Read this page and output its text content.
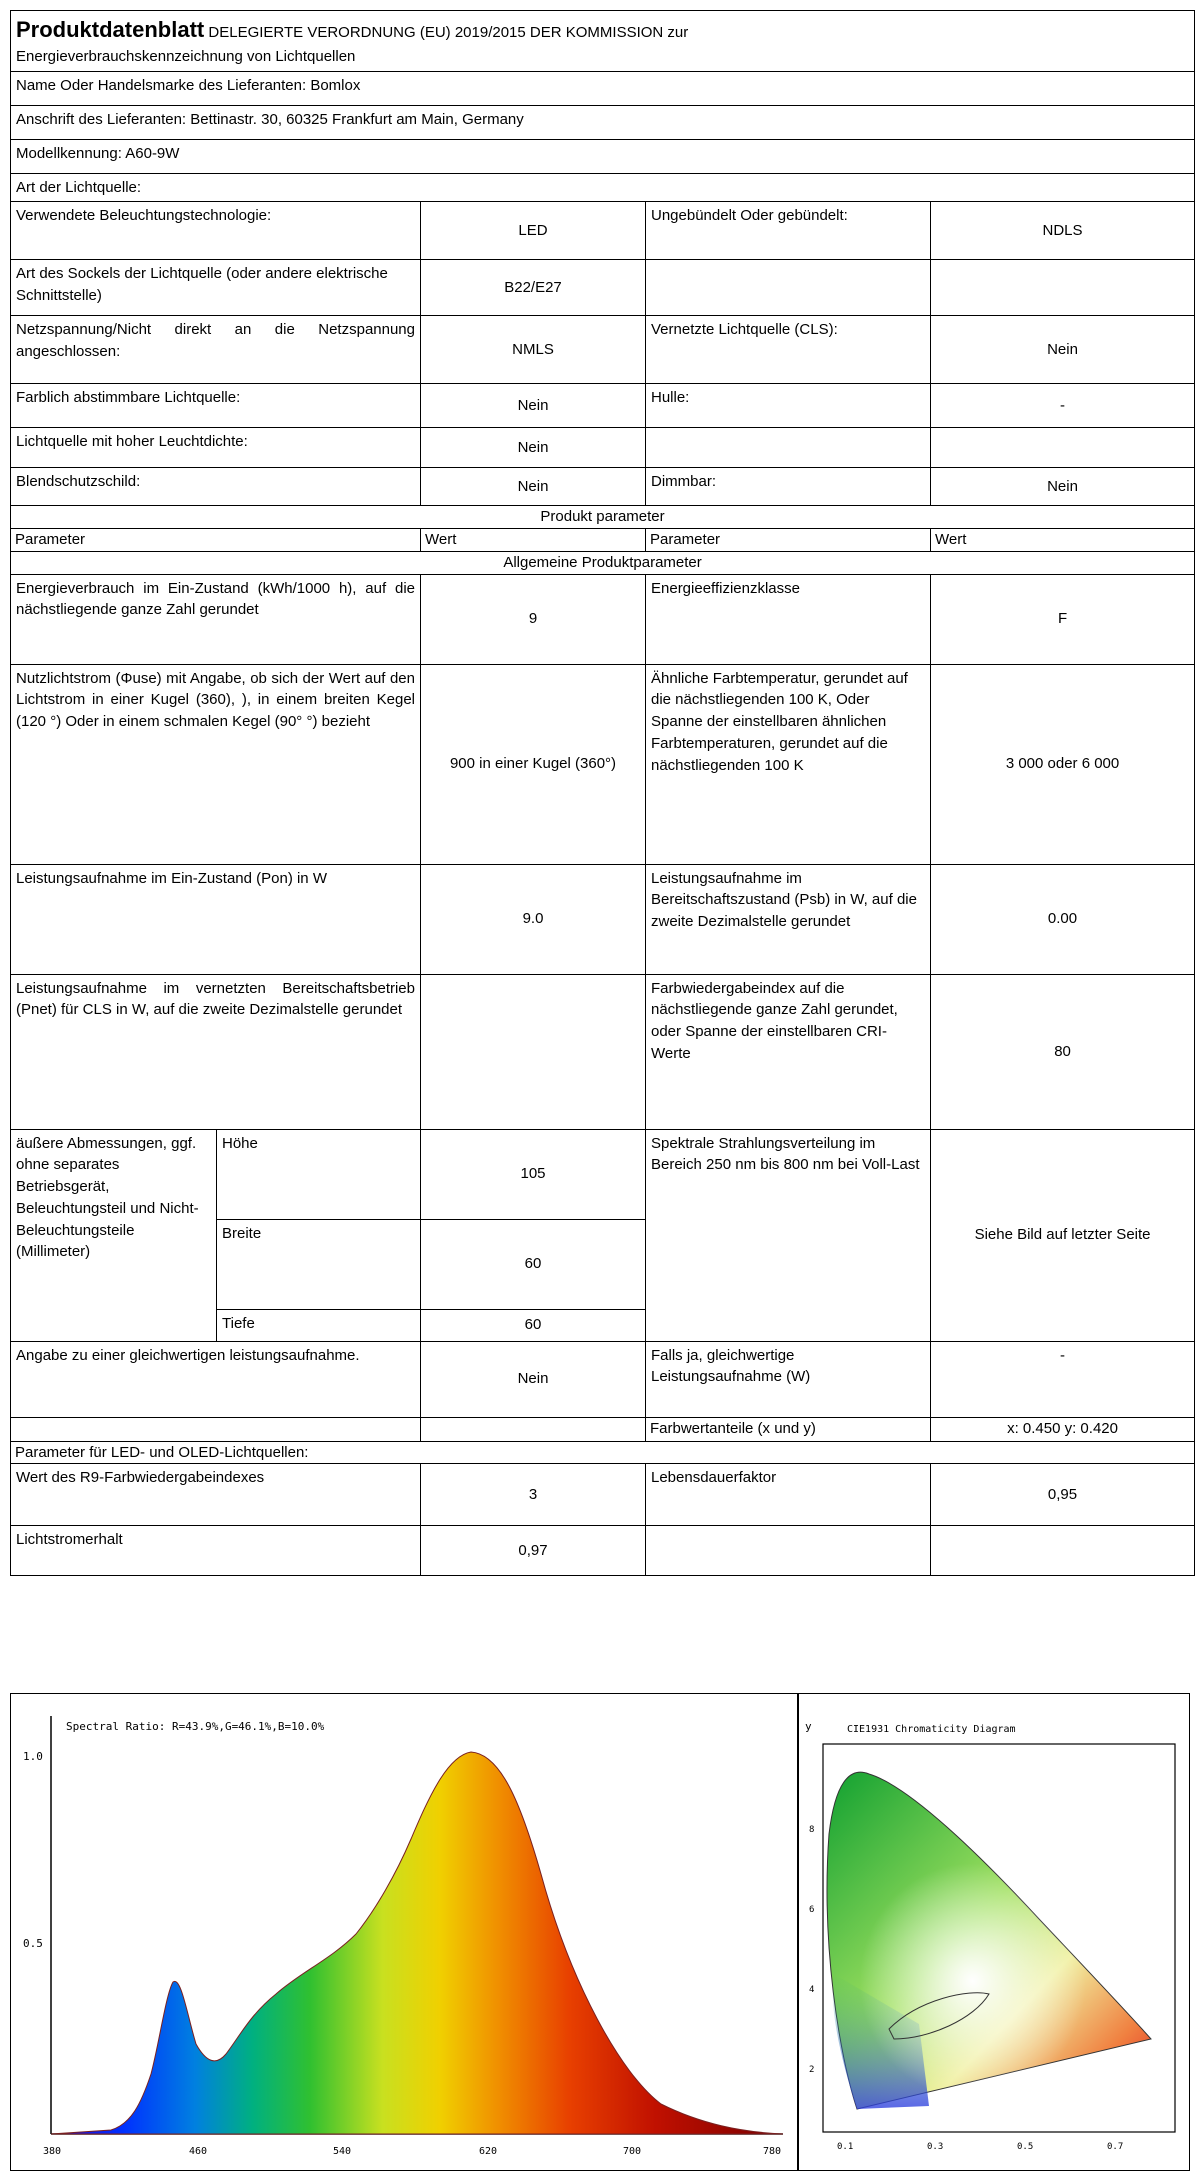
Produktdatenblatt DELEGIERTE VERORDNUNG (EU) 2019/2015 DER KOMMISSION zur
Energieverbrauchskennzeichnung von Lichtquellen				
Name Oder Handelsmarke des Lieferanten: Bomlox				
Anschrift des Lieferanten: Bettinastr. 30, 60325 Frankfurt am Main, Germany				
Modellkennung: A60-9W				
Art der Lichtquelle:				
Verwendete Beleuchtungstechnologie:		LED	Ungebündelt Oder gebündelt:	NDLS
Art des Sockels der Lichtquelle (oder andere elektrische Schnittstelle)		B22/E27		
Netzspannung/Nicht direkt an die Netzspannung angeschlossen:		NMLS	Vernetzte Lichtquelle (CLS):	Nein
Farblich abstimmbare Lichtquelle:		Nein	Hulle:	-
Lichtquelle mit hoher Leuchtdichte:		Nein		
Blendschutzschild:		Nein	Dimmbar:	Nein
Produkt parameter				
Parameter		Wert	Parameter	Wert
Allgemeine Produktparameter				
Energieverbrauch im Ein-Zustand (kWh/1000 h), auf die nächstliegende ganze Zahl gerundet		9	Energieeffizienzklasse	F
Nutzlichtstrom (Φuse) mit Angabe, ob sich der Wert auf den Lichtstrom in einer Kugel (360), ), in einem breiten Kegel (120 °) Oder in einem schmalen Kegel (90° °) bezieht		900 in einer Kugel (360°)	Ähnliche Farbtemperatur, gerundet auf die nächstliegenden 100 K, Oder Spanne der einstellbaren ähnlichen Farbtemperaturen, gerundet auf die nächstliegenden 100 K	3 000 oder 6 000
Leistungsaufnahme im Ein-Zustand (Pon) in W		9.0	Leistungsaufnahme im Bereitschaftszustand (Psb) in W, auf die zweite Dezimalstelle gerundet	0.00
Leistungsaufnahme im vernetzten Bereitschaftsbetrieb (Pnet) für CLS in W, auf die zweite Dezimalstelle gerundet			Farbwiedergabeindex auf die nächstliegende ganze Zahl gerundet, oder Spanne der einstellbaren CRI-Werte	80
äußere Abmessungen, ggf. ohne separates Betriebsgerät, Beleuchtungsteil und Nicht-Beleuchtungsteile (Millimeter)	Höhe	105	Spektrale Strahlungsverteilung im Bereich 250 nm bis 800 nm bei Voll-Last	Siehe Bild auf letzter Seite
	Breite	60		
	Tiefe	60		
Angabe zu einer gleichwertigen leistungsaufnahme.		Nein	Falls ja, gleichwertige Leistungsaufnahme (W)	-
			Farbwertanteile (x und y)	x: 0.450 y: 0.420
Parameter für LED- und OLED-Lichtquellen:				
Wert des R9-Farbwiedergabeindexes		3	Lebensdauerfaktor	0,95
Lichtstromerhalt		0,97		
Spectral Ratio: R=43.9%,G=46.1%,B=10.0%
1.0
0.5
380	460	540	620	700	780
CIE1931 Chromaticity Diagram
y
8
6
4
2
0.1	0.3	0.5	0.7
